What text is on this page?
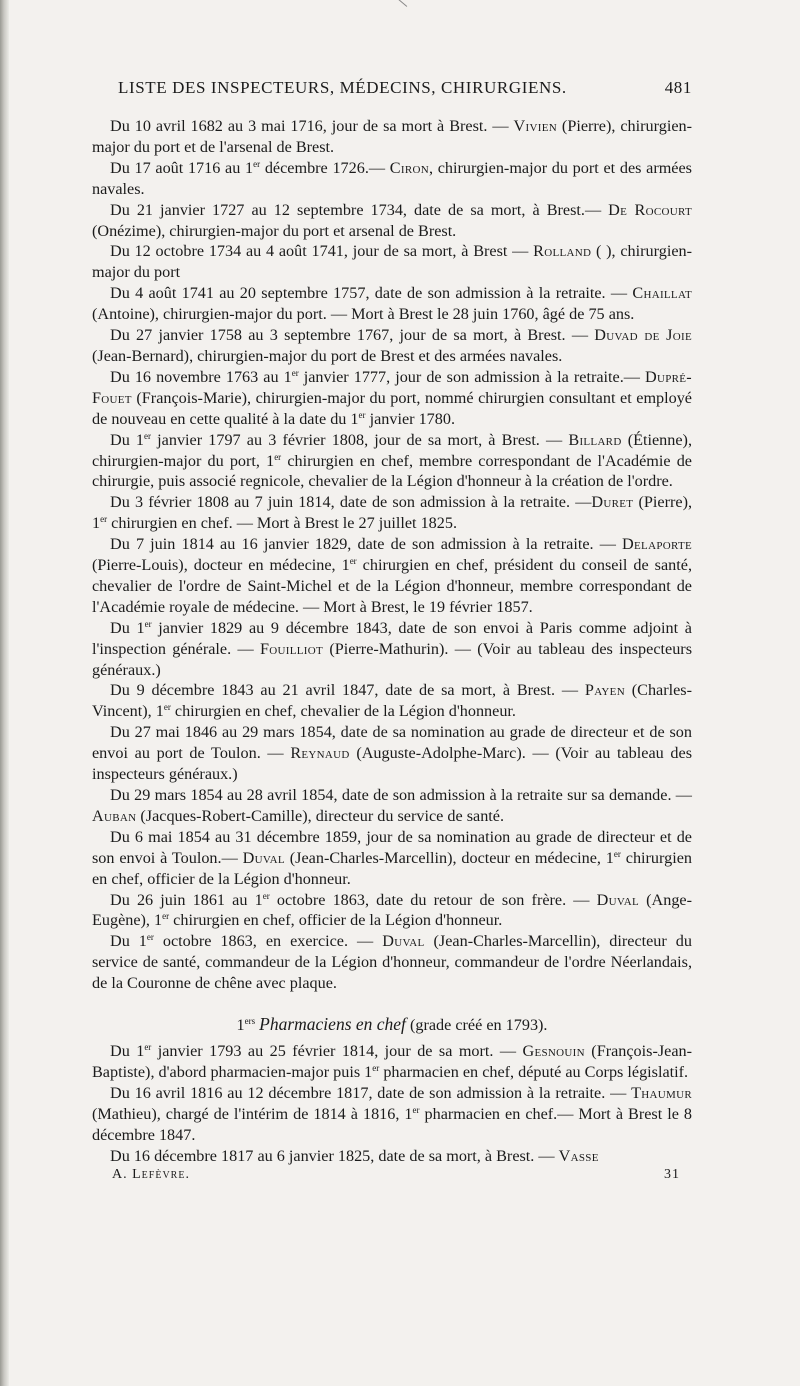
LISTE DES INSPECTEURS, MÉDECINS, CHIRURGIENS.	481

Du 10 avril 1682 au 3 mai 1716, jour de sa mort à Brest. — Vivien (Pierre), chirurgien-major du port et de l'arsenal de Brest.

Du 17 août 1716 au 1er décembre 1726.— Ciron, chirurgien-major du port et des armées navales.

Du 21 janvier 1727 au 12 septembre 1734, date de sa mort, à Brest.— De Rocourt (Onézime), chirurgien-major du port et arsenal de Brest.

Du 12 octobre 1734 au 4 août 1741, jour de sa mort, à Brest — Rolland ( ), chirurgien-major du port

Du 4 août 1741 au 20 septembre 1757, date de son admission à la retraite. — Chaillat (Antoine), chirurgien-major du port. — Mort à Brest le 28 juin 1760, âgé de 75 ans.

Du 27 janvier 1758 au 3 septembre 1767, jour de sa mort, à Brest. — Duvad de Joie (Jean-Bernard), chirurgien-major du port de Brest et des armées navales.

Du 16 novembre 1763 au 1er janvier 1777, jour de son admission à la retraite.— Dupré-Fouet (François-Marie), chirurgien-major du port, nommé chirurgien consultant et employé de nouveau en cette qualité à la date du 1er janvier 1780.

Du 1er janvier 1797 au 3 février 1808, jour de sa mort, à Brest. — Billard (Étienne), chirurgien-major du port, 1er chirurgien en chef, membre correspondant de l'Académie de chirurgie, puis associé regnicole, chevalier de la Légion d'honneur à la création de l'ordre.

Du 3 février 1808 au 7 juin 1814, date de son admission à la retraite. —Duret (Pierre), 1er chirurgien en chef. — Mort à Brest le 27 juillet 1825.

Du 7 juin 1814 au 16 janvier 1829, date de son admission à la retraite. — Delaporte (Pierre-Louis), docteur en médecine, 1er chirurgien en chef, président du conseil de santé, chevalier de l'ordre de Saint-Michel et de la Légion d'honneur, membre correspondant de l'Académie royale de médecine. — Mort à Brest, le 19 février 1857.

Du 1er janvier 1829 au 9 décembre 1843, date de son envoi à Paris comme adjoint à l'inspection générale. — Fouilliot (Pierre-Mathurin). — (Voir au tableau des inspecteurs généraux.)

Du 9 décembre 1843 au 21 avril 1847, date de sa mort, à Brest. — Payen (Charles-Vincent), 1er chirurgien en chef, chevalier de la Légion d'honneur.

Du 27 mai 1846 au 29 mars 1854, date de sa nomination au grade de directeur et de son envoi au port de Toulon. — Reynaud (Auguste-Adolphe-Marc). — (Voir au tableau des inspecteurs généraux.)

Du 29 mars 1854 au 28 avril 1854, date de son admission à la retraite sur sa demande. — Auban (Jacques-Robert-Camille), directeur du service de santé.

Du 6 mai 1854 au 31 décembre 1859, jour de sa nomination au grade de directeur et de son envoi à Toulon.— Duval (Jean-Charles-Marcellin), docteur en médecine, 1er chirurgien en chef, officier de la Légion d'honneur.

Du 26 juin 1861 au 1er octobre 1863, date du retour de son frère. — Duval (Ange-Eugène), 1er chirurgien en chef, officier de la Légion d'honneur.

Du 1er octobre 1863, en exercice. — Duval (Jean-Charles-Marcellin), directeur du service de santé, commandeur de la Légion d'honneur, commandeur de l'ordre Néerlandais, de la Couronne de chêne avec plaque.

1ers Pharmaciens en chef (grade créé en 1793).

Du 1er janvier 1793 au 25 février 1814, jour de sa mort. — Gesnouin (François-Jean-Baptiste), d'abord pharmacien-major puis 1er pharmacien en chef, député au Corps législatif.

Du 16 avril 1816 au 12 décembre 1817, date de son admission à la retraite. — Thaumur (Mathieu), chargé de l'intérim de 1814 à 1816, 1er pharmacien en chef.— Mort à Brest le 8 décembre 1847.

Du 16 décembre 1817 au 6 janvier 1825, date de sa mort, à Brest. — Vasse

A. Lefèvre.	31
